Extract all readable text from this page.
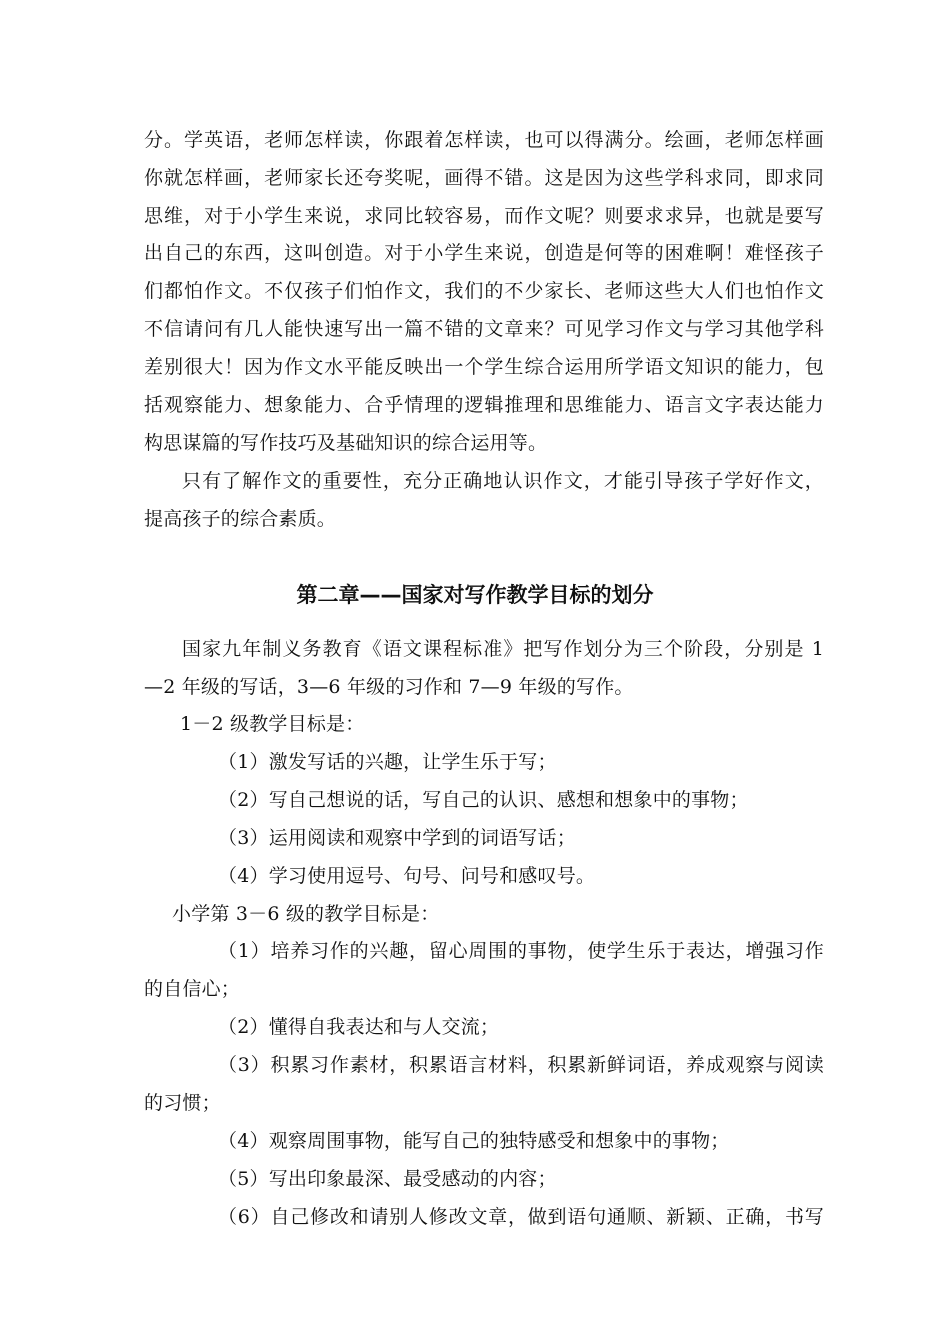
分。学英语，老师怎样读，你跟着怎样读，也可以得满分。绘画，老师怎样画
你就怎样画，老师家长还夸奖呢，画得不错。这是因为这些学科求同，即求同
思维，对于小学生来说，求同比较容易，而作文呢？则要求求异，也就是要写
出自己的东西，这叫创造。对于小学生来说，创造是何等的困难啊！难怪孩子
们都怕作文。不仅孩子们怕作文，我们的不少家长、老师这些大人们也怕作文
不信请问有几人能快速写出一篇不错的文章来？可见学习作文与学习其他学科
差别很大！因为作文水平能反映出一个学生综合运用所学语文知识的能力，包
括观察能力、想象能力、合乎情理的逻辑推理和思维能力、语言文字表达能力
构思谋篇的写作技巧及基础知识的综合运用等。
只有了解作文的重要性，充分正确地认识作文，才能引导孩子学好作文，
提高孩子的综合素质。
第二章——国家对写作教学目标的划分
国家九年制义务教育《语文课程标准》把写作划分为三个阶段，分别是 1
—2 年级的写话，3—6 年级的习作和 7—9 年级的写作。
1－2 级教学目标是：
（1）激发写话的兴趣，让学生乐于写；
（2）写自己想说的话，写自己的认识、感想和想象中的事物；
（3）运用阅读和观察中学到的词语写话；
（4）学习使用逗号、句号、问号和感叹号。
小学第 3－6 级的教学目标是：
（1）培养习作的兴趣，留心周围的事物，使学生乐于表达，增强习作
的自信心；
（2）懂得自我表达和与人交流；
（3）积累习作素材，积累语言材料，积累新鲜词语，养成观察与阅读
的习惯；
（4）观察周围事物，能写自己的独特感受和想象中的事物；
（5）写出印象最深、最受感动的内容；
（6）自己修改和请别人修改文章，做到语句通顺、新颖、正确，书写
